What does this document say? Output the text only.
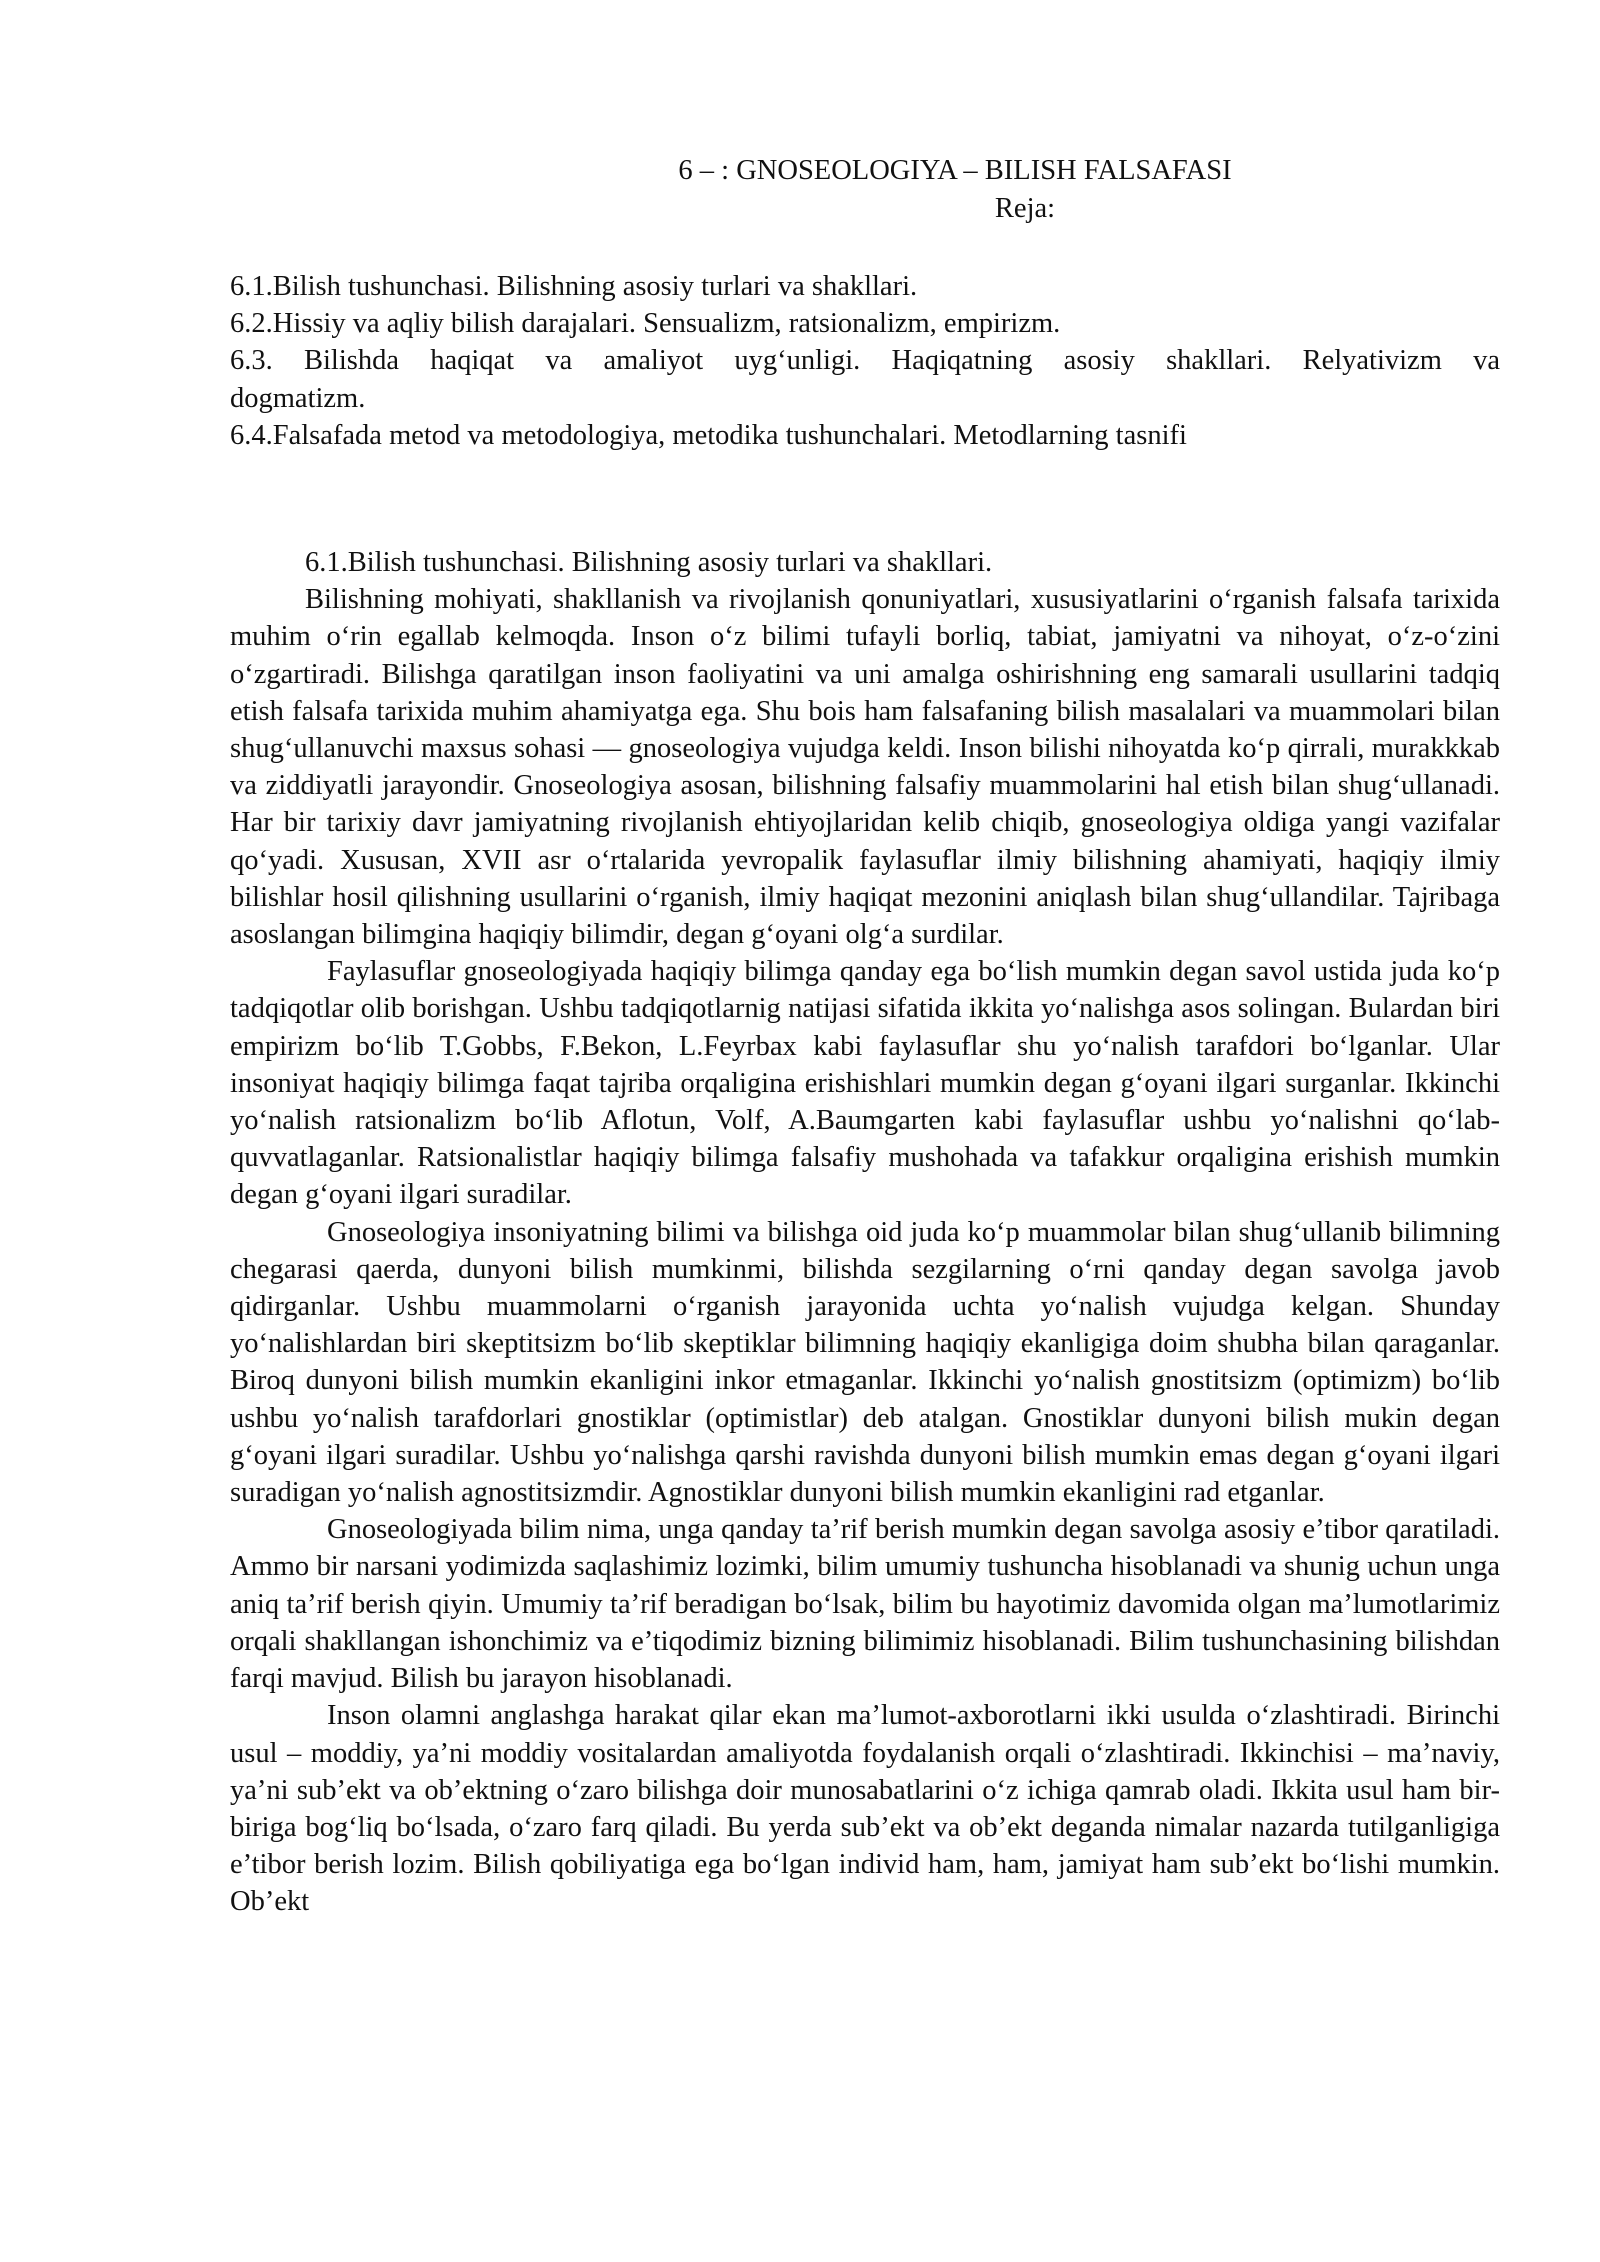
6 – : GNOSEOLOGIYA – BILISH FALSAFASI
Reja:
6.1.Bilish tushunchasi. Bilishning asosiy turlari va shakllari.
6.2.Hissiy va aqliy bilish darajalari. Sensualizm, ratsionalizm, empirizm.
6.3. Bilishda haqiqat va amaliyot uyg‘unligi. Haqiqatning asosiy shakllari. Relyativizm va
dogmatizm.
6.4.Falsafada metod va metodologiya, metodika tushunchalari. Metodlarning tasnifi
6.1.Bilish tushunchasi. Bilishning asosiy turlari va shakllari.

Bilishning mohiyati, shakllanish va rivojlanish qonuniyatlari, xususiyatlarini o‘rganish falsafa tarixida muhim o‘rin egallab kelmoqda. Inson o‘z bilimi tufayli borliq, tabiat, jamiyatni va nihoyat, o‘z-o‘zini o‘zgartiradi. Bilishga qaratilgan inson faoliyatini va uni amalga oshirishning eng samarali usullarini tadqiq etish falsafa tarixida muhim ahamiyatga ega. Shu bois ham falsafaning bilish masalalari va muammolari bilan shug‘ullanuvchi maxsus sohasi — gnoseologiya vujudga keldi. Inson bilishi nihoyatda ko‘p qirrali, murakkkab va ziddiyatli jarayondir. Gnoseologiya asosan, bilishning falsafiy muammolarini hal etish bilan shug‘ullanadi. Har bir tarixiy davr jamiyatning rivojlanish ehtiyojlaridan kelib chiqib, gnoseologiya oldiga yangi vazifalar qo‘yadi. Xususan, XVII asr o‘rtalarida yevropalik faylasuflar ilmiy bilishning ahamiyati, haqiqiy ilmiy bilishlar hosil qilishning usullarini o‘rganish, ilmiy haqiqat mezonini aniqlash bilan shug‘ullandilar. Tajribaga asoslangan bilimgina haqiqiy bilimdir, degan g‘oyani olg‘a surdilar.

Faylasuflar gnoseologiyada haqiqiy bilimga qanday ega bo‘lish mumkin degan savol ustida juda ko‘p tadqiqotlar olib borishgan. Ushbu tadqiqotlarnig natijasi sifatida ikkita yo‘nalishga asos solingan. Bulardan biri empirizm bo‘lib T.Gobbs, F.Bekon, L.Feyrbax kabi faylasuflar shu yo‘nalish tarafdori bo‘lganlar. Ular insoniyat haqiqiy bilimga faqat tajriba orqaligina erishishlari mumkin degan g‘oyani ilgari surganlar. Ikkinchi yo‘nalish ratsionalizm bo‘lib Aflotun, Volf, A.Baumgarten kabi faylasuflar ushbu yo‘nalishni qo‘lab-quvvatlaganlar. Ratsionalistlar haqiqiy bilimga falsafiy mushohada va tafakkur orqaligina erishish mumkin degan g‘oyani ilgari suradilar.

Gnoseologiya insoniyatning bilimi va bilishga oid juda ko‘p muammolar bilan shug‘ullanib bilimning chegarasi qaerda, dunyoni bilish mumkinmi, bilishda sezgilarning o‘rni qanday degan savolga javob qidirganlar. Ushbu muammolarni o‘rganish jarayonida uchta yo‘nalish vujudga kelgan. Shunday yo‘nalishlardan biri skeptitsizm bo‘lib skeptiklar bilimning haqiqiy ekanligiga doim shubha bilan qaraganlar. Biroq dunyoni bilish mumkin ekanligini inkor etmaganlar. Ikkinchi yo‘nalish gnostitsizm (optimizm) bo‘lib ushbu yo‘nalish tarafdorlari gnostiklar (optimistlar) deb atalgan. Gnostiklar dunyoni bilish mukin degan g‘oyani ilgari suradilar. Ushbu yo‘nalishga qarshi ravishda dunyoni bilish mumkin emas degan g‘oyani ilgari suradigan yo‘nalish agnostitsizmdir. Agnostiklar dunyoni bilish mumkin ekanligini rad etganlar.

Gnoseologiyada bilim nima, unga qanday ta’rif berish mumkin degan savolga asosiy e’tibor qaratiladi. Ammo bir narsani yodimizda saqlashimiz lozimki, bilim umumiy tushuncha hisoblanadi va shunig uchun unga aniq ta’rif berish qiyin. Umumiy ta’rif beradigan bo‘lsak, bilim bu hayotimiz davomida olgan ma’lumotlarimiz orqali shakllangan ishonchimiz va e’tiqodimiz bizning bilimimiz hisoblanadi. Bilim tushunchasining bilishdan farqi mavjud. Bilish bu jarayon hisoblanadi.

Inson olamni anglashga harakat qilar ekan ma’lumot-axborotlarni ikki usulda o‘zlashtiradi. Birinchi usul – moddiy, ya’ni moddiy vositalardan amaliyotda foydalanish orqali o‘zlashtiradi. Ikkinchisi – ma’naviy, ya’ni sub’ekt va ob’ektning o‘zaro bilishga doir munosabatlarini o‘z ichiga qamrab oladi. Ikkita usul ham bir-biriga bog‘liq bo‘lsada, o‘zaro farq qiladi. Bu yerda sub’ekt va ob’ekt deganda nimalar nazarda tutilganligiga e’tibor berish lozim. Bilish qobiliyatiga ega bo‘lgan individ ham, ham, jamiyat ham sub’ekt bo‘lishi mumkin. Ob’ekt
